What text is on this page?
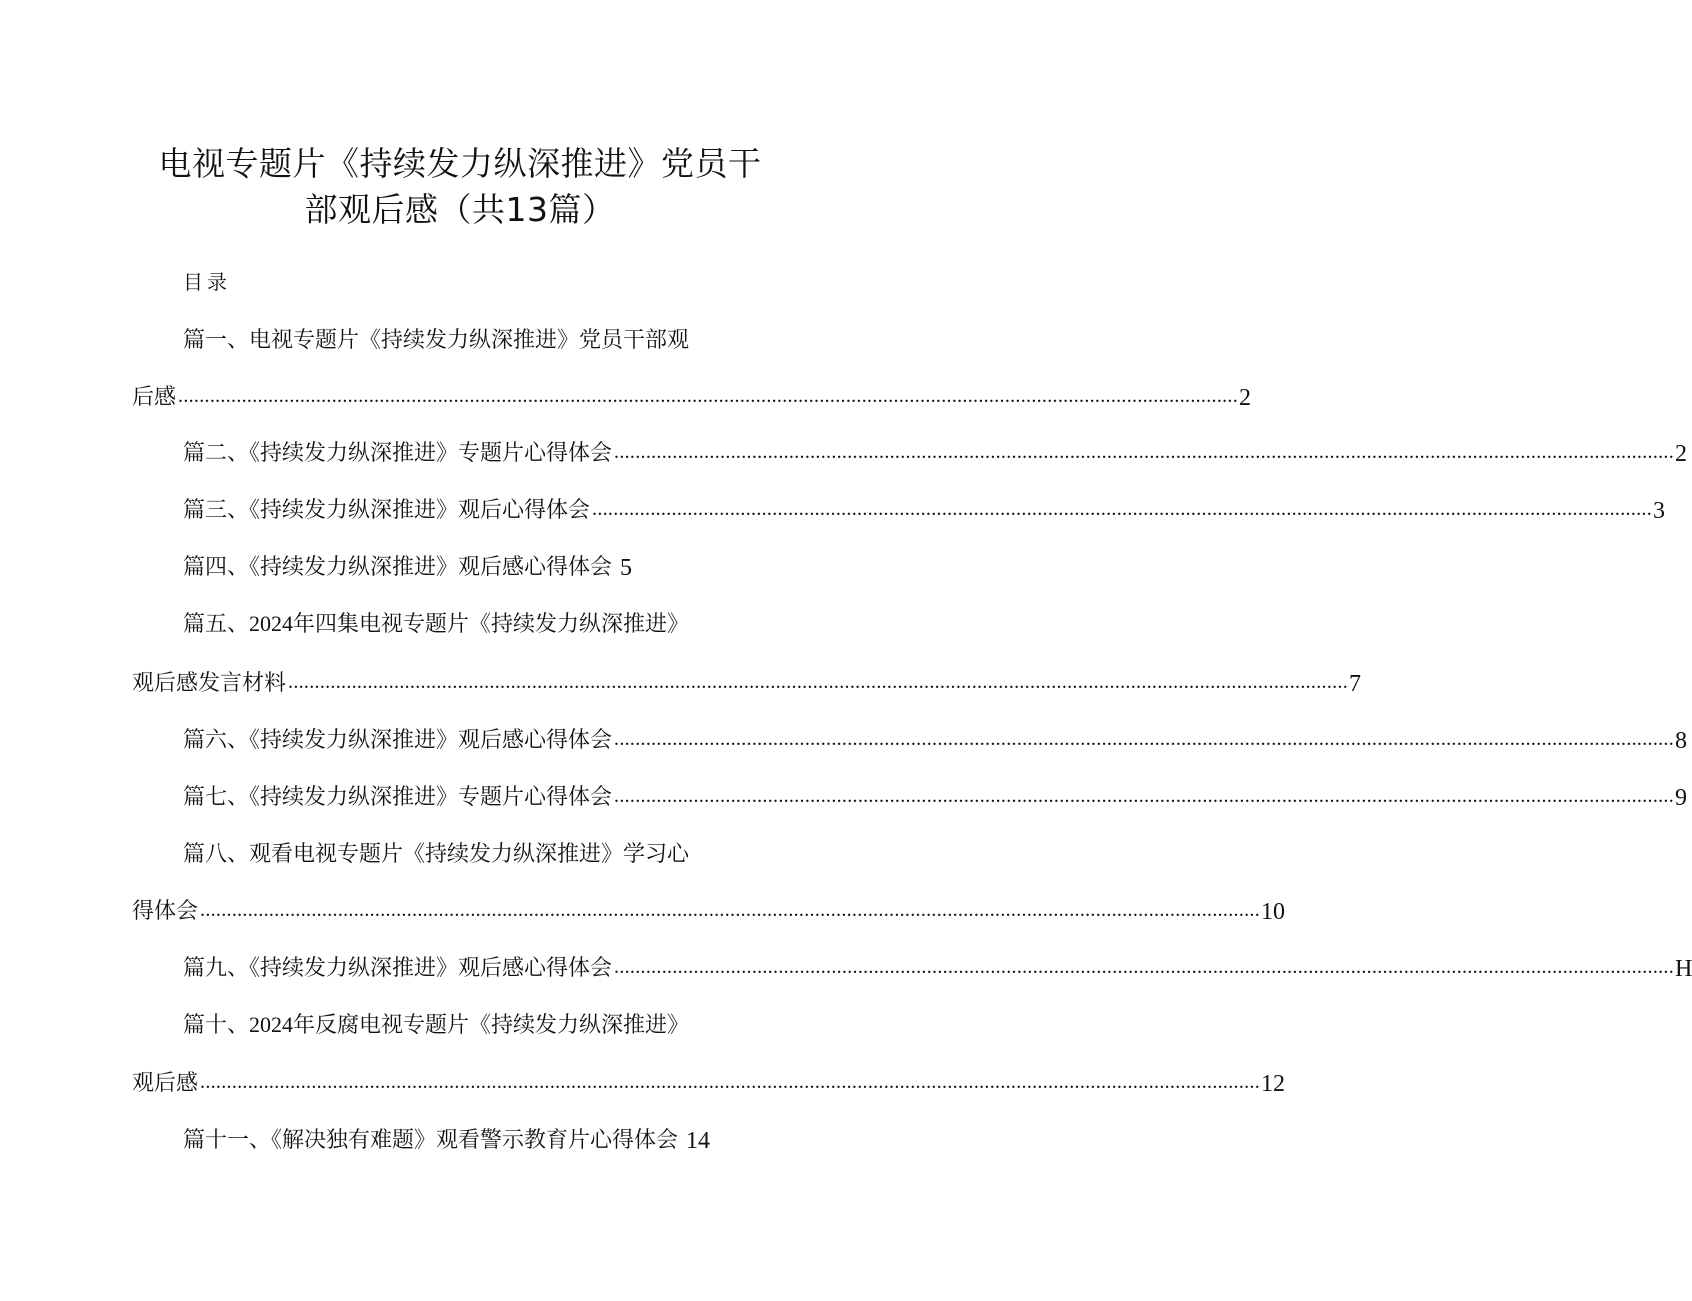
电视专题片《持续发力纵深推进》党员干
部观后感（共13篇）
目录
篇一、电视专题片《持续发力纵深推进》党员干部观
后感 ........................................................................................................................................................................................................ 2
篇二、《持续发力纵深推进》专题片心得体会 ........................................................................................................................................................................................................ 2
篇三、《持续发力纵深推进》观后心得体会 ........................................................................................................................................................................................................ 3
篇四、《持续发力纵深推进》观后感心得体会 5
篇五、2024年四集电视专题片《持续发力纵深推进》
观后感发言材料 ........................................................................................................................................................................................................ 7
篇六、《持续发力纵深推进》观后感心得体会 ........................................................................................................................................................................................................ 8
篇七、《持续发力纵深推进》专题片心得体会 ........................................................................................................................................................................................................ 9
篇八、观看电视专题片《持续发力纵深推进》学习心
得体会 ........................................................................................................................................................................................................ 10
篇九、《持续发力纵深推进》观后感心得体会 ........................................................................................................................................................................................................ H
篇十、2024年反腐电视专题片《持续发力纵深推进》
观后感 ........................................................................................................................................................................................................ 12
篇十一、《解决独有难题》观看警示教育片心得体会 14
